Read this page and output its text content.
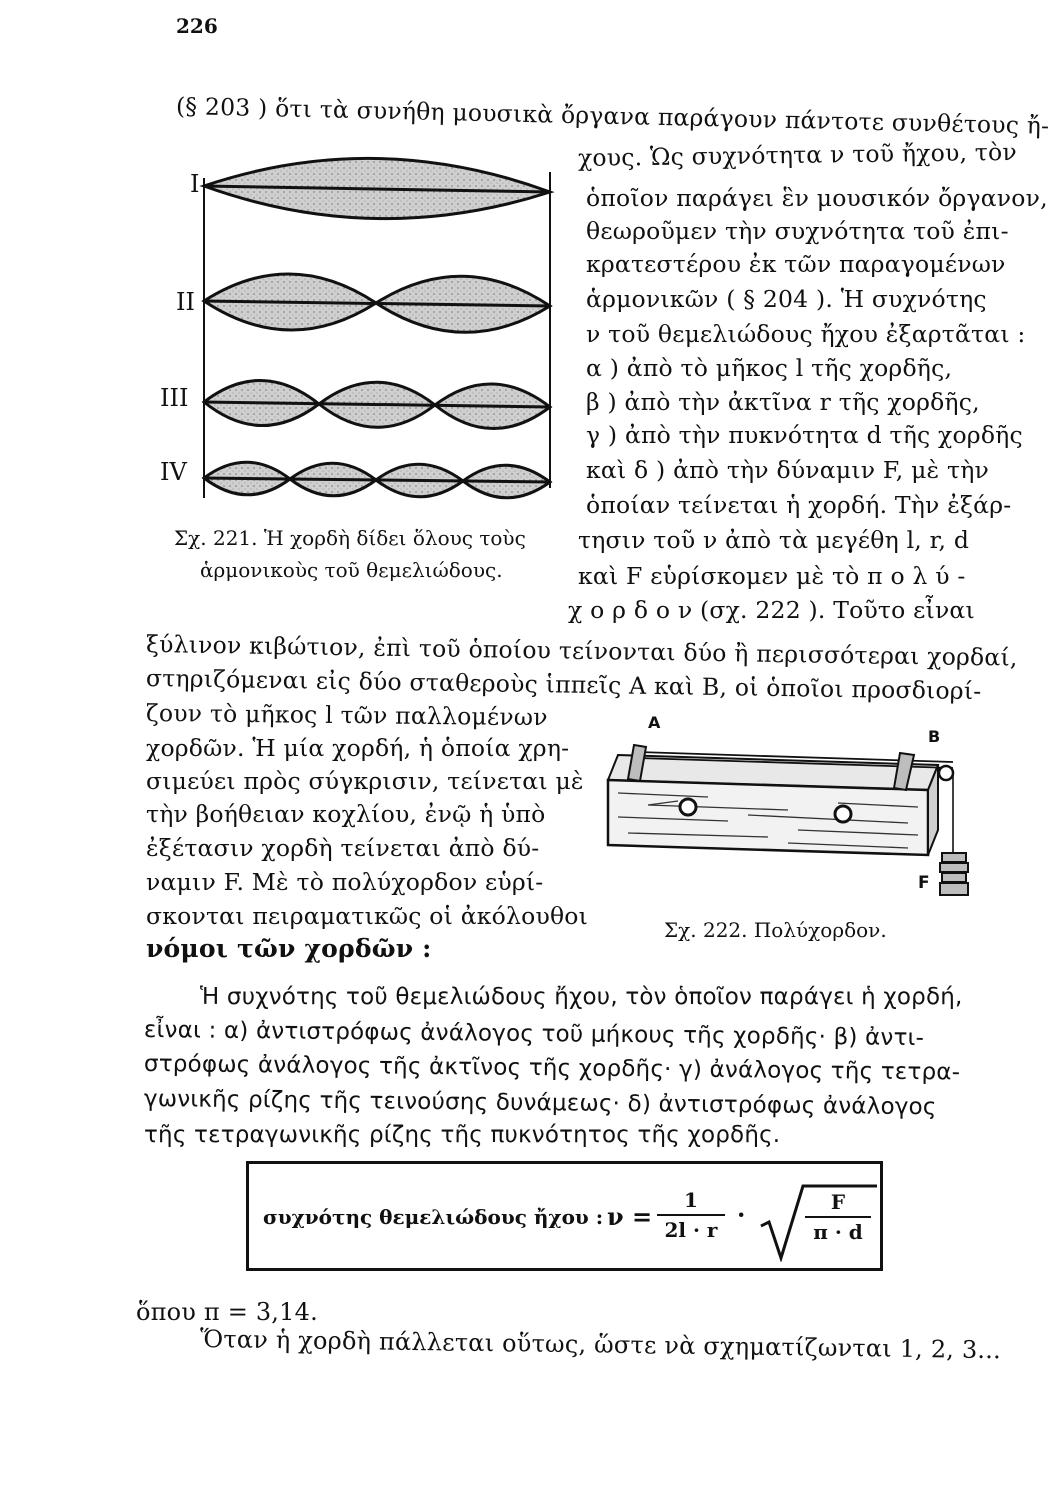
226
(§ 203 ) ὅτι τὰ συνήθη μουσικὰ ὄργανα παράγουν πάντοτε συνθέτους ἤ-
χους. Ὡς συχνότητα ν τοῦ ἤχου, τὸν
ὁποῖον παράγει ἓν μουσικόν ὄργανον,
θεωροῦμεν τὴν συχνότητα τοῦ ἐπι-
κρατεστέρου ἐκ τῶν παραγομένων
ἁρμονικῶν ( § 204 ). Ἡ συχνότης
ν τοῦ θεμελιώδους ἤχου ἐξαρτᾶται :
α ) ἀπὸ τὸ μῆκος l τῆς χορδῆς,
β ) ἀπὸ τὴν ἀκτῖνα r τῆς χορδῆς,
γ ) ἀπὸ τὴν πυκνότητα d τῆς χορδῆς
καὶ δ ) ἀπὸ τὴν δύναμιν F, μὲ τὴν
ὁποίαν τείνεται ἡ χορδή. Τὴν ἐξάρ-
τησιν τοῦ ν ἀπὸ τὰ μεγέθη l, r, d
καὶ F εὑρίσκομεν μὲ τὸ π ο λ ύ -
χ ο ρ δ ο ν (σχ. 222 ). Τοῦτο εἶναι
ξύλινον κιβώτιον, ἐπὶ τοῦ ὁποίου τείνονται δύο ἢ περισσότεραι χορδαί,
στηριζόμεναι εἰς δύο σταθεροὺς ἱππεῖς A καὶ B, οἱ ὁποῖοι προσδιορί-
ζουν τὸ μῆκος l τῶν παλλομένων
χορδῶν. Ἡ μία χορδή, ἡ ὁποία χρη-
σιμεύει πρὸς σύγκρισιν, τείνεται μὲ
τὴν βοήθειαν κοχλίου, ἐνῷ ἡ ὑπὸ
ἐξέτασιν χορδὴ τείνεται ἀπὸ δύ-
ναμιν F. Μὲ τὸ πολύχορδον εὑρί-
σκονται πειραματικῶς οἱ ἀκόλουθοι
νόμοι τῶν χορδῶν :
I
II
III
IV
Σχ. 221. Ἡ χορδὴ δίδει ὅλους τοὺς
ἁρμονικοὺς τοῦ θεμελιώδους.
A
B
F
Σχ. 222. Πολύχορδον.
Ἡ συχνότης τοῦ θεμελιώδους ἤχου, τὸν ὁποῖον παράγει ἡ χορδή,
εἶναι : α) ἀντιστρόφως ἀνάλογος τοῦ μήκους τῆς χορδῆς· β) ἀντι-
στρόφως ἀνάλογος τῆς ἀκτῖνος τῆς χορδῆς· γ) ἀνάλογος τῆς τετρα-
γωνικῆς ρίζης τῆς τεινούσης δυνάμεως· δ) ἀντιστρόφως ἀνάλογος
τῆς τετραγωνικῆς ρίζης τῆς πυκνότητος τῆς χορδῆς.
συχνότης θεμελιώδους ἤχου : ν =
1
2l · r
·	F
π · d
ὅπου π = 3,14.
Ὅταν ἡ χορδὴ πάλλεται οὕτως, ὥστε νὰ σχηματίζωνται 1, 2, 3...
